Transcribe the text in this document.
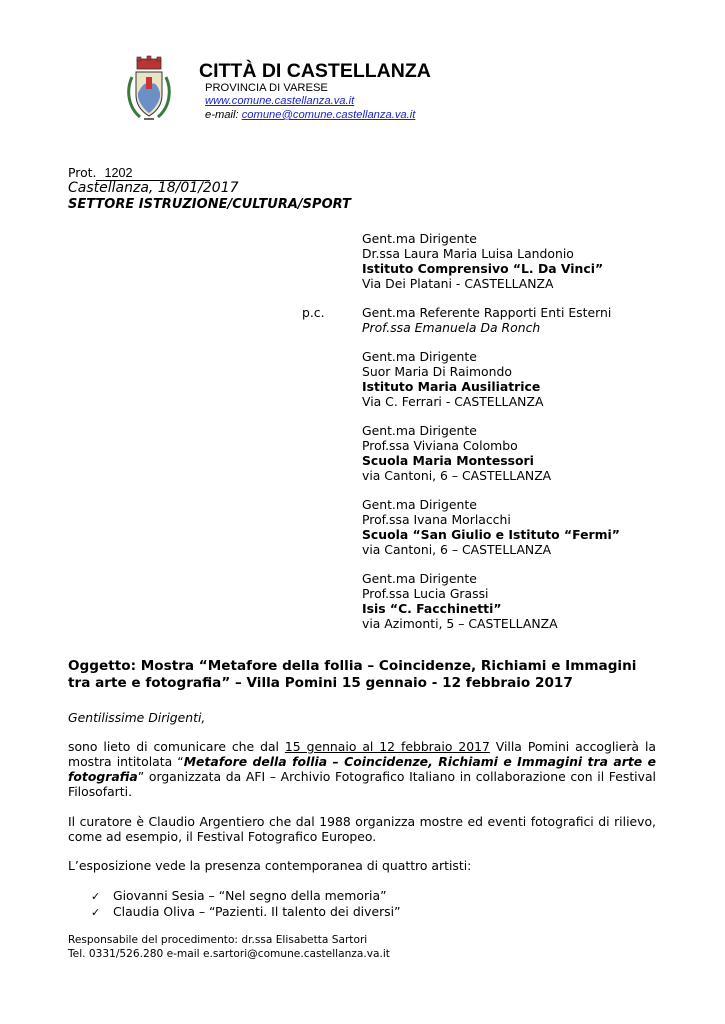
CITTÀ DI CASTELLANZA
PROVINCIA DI VARESE
www.comune.castellanza.va.it
e-mail: comune@comune.castellanza.va.it
Prot. 1202
Castellanza, 18/01/2017
SETTORE ISTRUZIONE/CULTURA/SPORT
Gent.ma Dirigente
Dr.ssa Laura Maria Luisa Landonio
Istituto Comprensivo “L. Da Vinci”
Via Dei Platani - CASTELLANZA
p.c.	Gent.ma Referente Rapporti Enti Esterni
Prof.ssa Emanuela Da Ronch
Gent.ma Dirigente
Suor Maria Di Raimondo
Istituto Maria Ausiliatrice
Via C. Ferrari - CASTELLANZA
Gent.ma Dirigente
Prof.ssa Viviana Colombo
Scuola Maria Montessori
via Cantoni, 6 – CASTELLANZA
Gent.ma Dirigente
Prof.ssa Ivana Morlacchi
Scuola “San Giulio e Istituto “Fermi”
via Cantoni, 6 – CASTELLANZA
Gent.ma Dirigente
Prof.ssa Lucia Grassi
Isis “C. Facchinetti”
via Azimonti, 5 – CASTELLANZA
Oggetto: Mostra “Metafore della follia – Coincidenze, Richiami e Immagini tra arte e fotografia” – Villa Pomini 15 gennaio - 12 febbraio 2017
Gentilissime Dirigenti,
sono lieto di comunicare che dal 15 gennaio al 12 febbraio 2017 Villa Pomini accoglierà la mostra intitolata “Metafore della follia – Coincidenze, Richiami e Immagini tra arte e fotografia” organizzata da AFI – Archivio Fotografico Italiano in collaborazione con il Festival Filosofarti.
Il curatore è Claudio Argentiero che dal 1988 organizza mostre ed eventi fotografici di rilievo, come ad esempio, il Festival Fotografico Europeo.
L’esposizione vede la presenza contemporanea di quattro artisti:
✓ Giovanni Sesia – “Nel segno della memoria”
✓ Claudia Oliva – “Pazienti. Il talento dei diversi”
Responsabile del procedimento: dr.ssa Elisabetta Sartori
Tel. 0331/526.280 e-mail e.sartori@comune.castellanza.va.it
